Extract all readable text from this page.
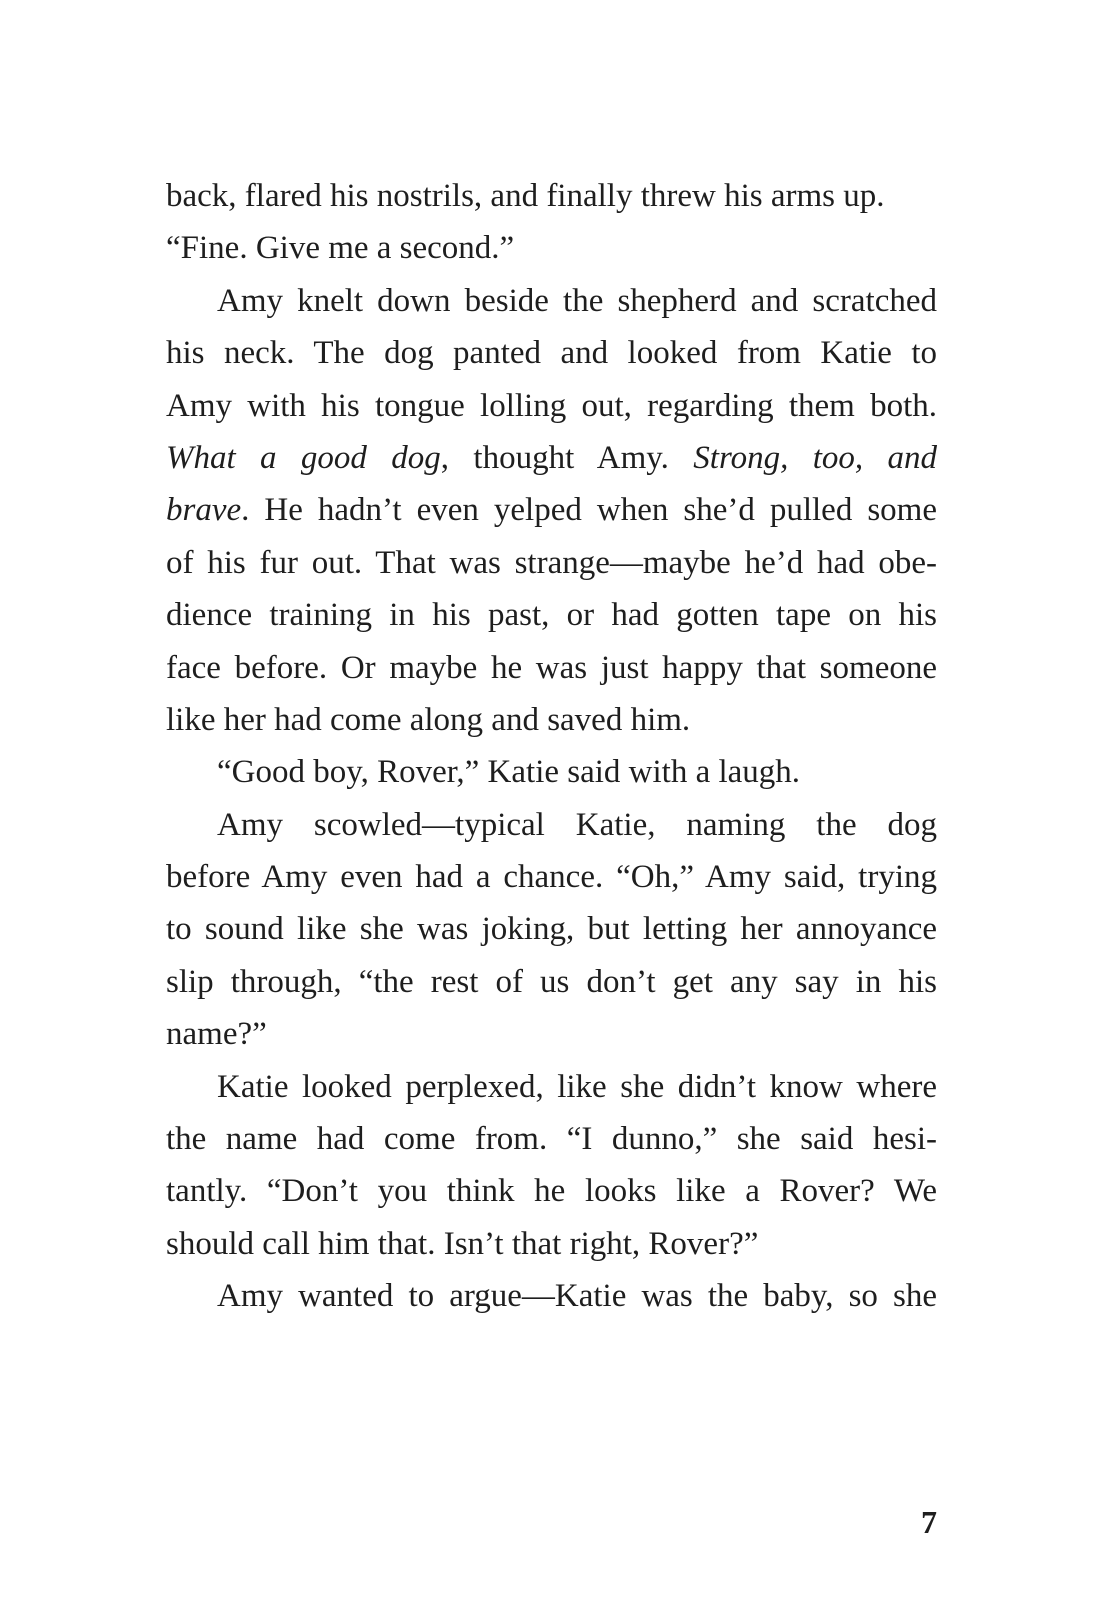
back, flared his nostrils, and finally threw his arms up.
“Fine. Give me a second.”
Amy knelt down beside the shepherd and scratched
his neck. The dog panted and looked from Katie to
Amy with his tongue lolling out, regarding them both.
What a good dog, thought Amy. Strong, too, and
brave. He hadn’t even yelped when she’d pulled some
of his fur out. That was strange—maybe he’d had obe-
dience training in his past, or had gotten tape on his
face before. Or maybe he was just happy that someone
like her had come along and saved him.
“Good boy, Rover,” Katie said with a laugh.
Amy scowled—typical Katie, naming the dog
before Amy even had a chance. “Oh,” Amy said, trying
to sound like she was joking, but letting her annoyance
slip through, “the rest of us don’t get any say in his
name?”
Katie looked perplexed, like she didn’t know where
the name had come from. “I dunno,” she said hesi-
tantly. “Don’t you think he looks like a Rover? We
should call him that. Isn’t that right, Rover?”
Amy wanted to argue—Katie was the baby, so she
7
